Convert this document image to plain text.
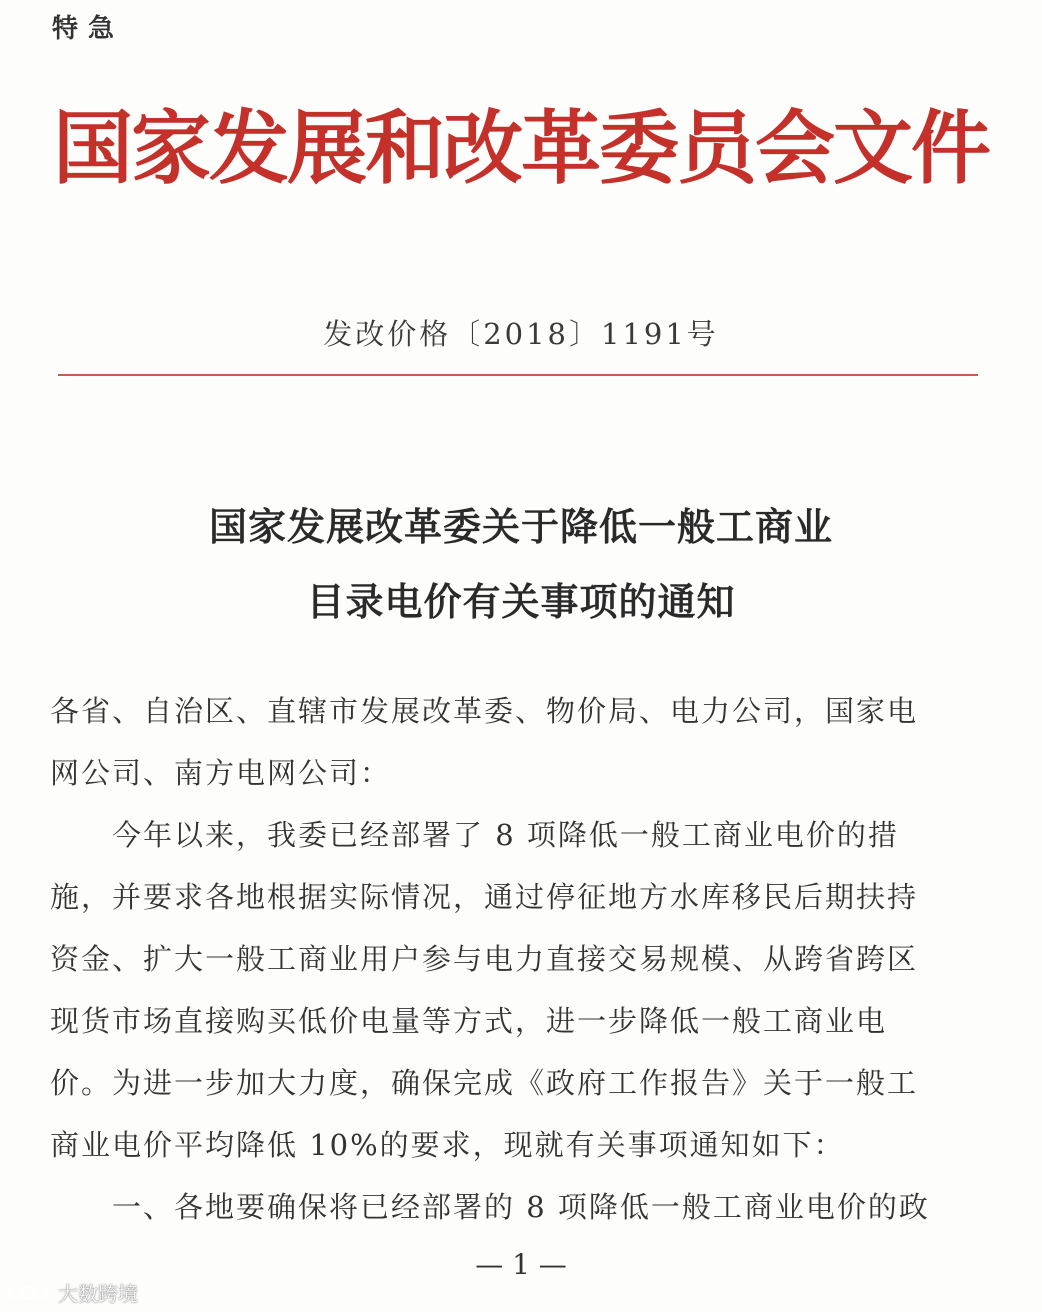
特急
国家发展和改革委员会文件
发改价格〔2018〕1191号
国家发展改革委关于降低一般工商业
目录电价有关事项的通知
各省、自治区、直辖市发展改革委、物价局、电力公司，国家电
网公司、南方电网公司：
　　今年以来，我委已经部署了 8 项降低一般工商业电价的措
施，并要求各地根据实际情况，通过停征地方水库移民后期扶持
资金、扩大一般工商业用户参与电力直接交易规模、从跨省跨区
现货市场直接购买低价电量等方式，进一步降低一般工商业电
价。为进一步加大力度，确保完成《政府工作报告》关于一般工
商业电价平均降低 10%的要求，现就有关事项通知如下：
　　一、各地要确保将已经部署的 8 项降低一般工商业电价的政
— 1 —
大数跨境
